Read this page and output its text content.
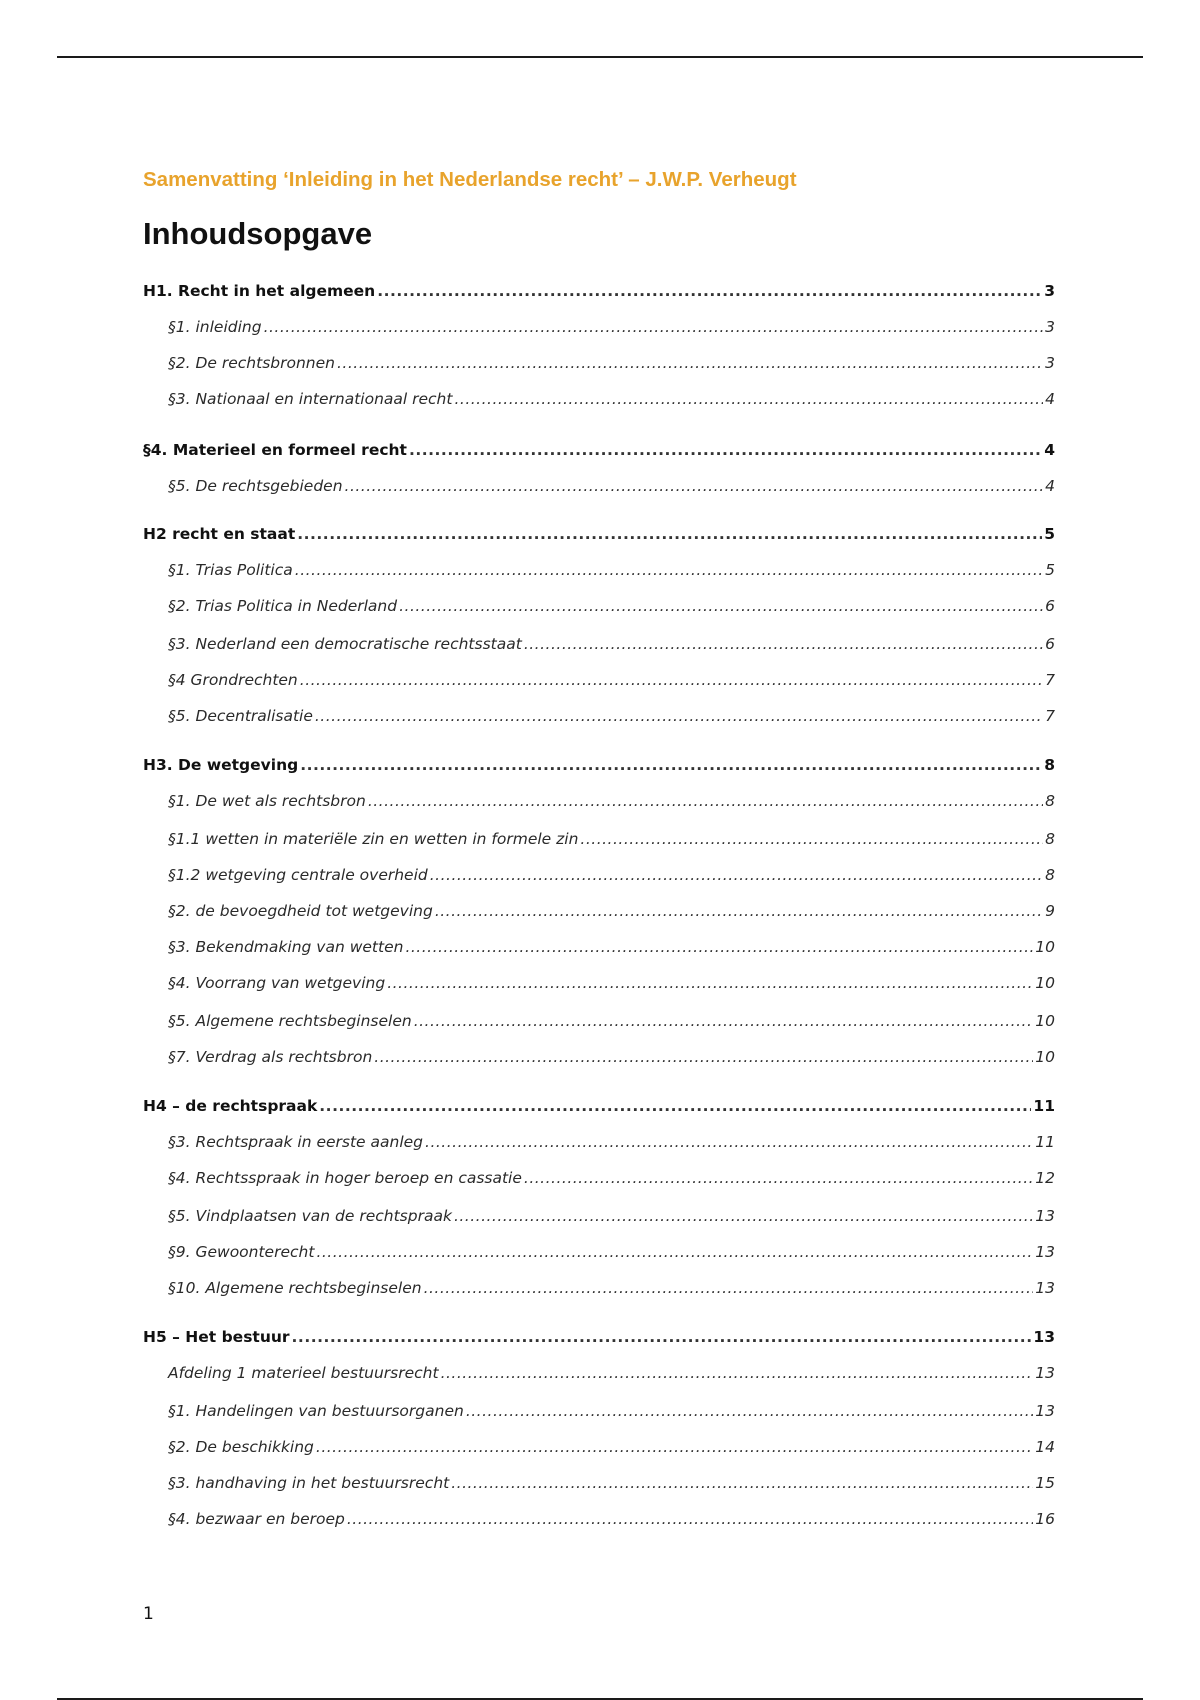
Samenvatting ‘Inleiding in het Nederlandse recht’ – J.W.P. Verheugt
Inhoudsopgave
H1. Recht in het algemeen .....	3
§1. inleiding .....	3
§2. De rechtsbronnen .....	3
§3. Nationaal en internationaal recht .....	4
§4. Materieel en formeel recht .....	4
§5. De rechtsgebieden .....	4
H2 recht en staat .....	5
§1. Trias Politica .....	5
§2. Trias Politica in Nederland .....	6
§3. Nederland een democratische rechtsstaat .....	6
§4 Grondrechten .....	7
§5. Decentralisatie .....	7
H3. De wetgeving .....	8
§1. De wet als rechtsbron .....	8
§1.1 wetten in materiële zin en wetten in formele zin .....	8
§1.2 wetgeving centrale overheid .....	8
§2. de bevoegdheid tot wetgeving .....	9
§3. Bekendmaking van wetten .....	10
§4. Voorrang van wetgeving .....	10
§5. Algemene rechtsbeginselen .....	10
§7. Verdrag als rechtsbron .....	10
H4 – de rechtspraak .....	11
§3. Rechtspraak in eerste aanleg .....	11
§4. Rechtsspraak in hoger beroep en cassatie .....	12
§5. Vindplaatsen van de rechtspraak .....	13
§9. Gewoonterecht .....	13
§10. Algemene rechtsbeginselen .....	13
H5 – Het bestuur .....	13
Afdeling 1 materieel bestuursrecht .....	13
§1. Handelingen van bestuursorganen .....	13
§2. De beschikking .....	14
§3. handhaving in het bestuursrecht .....	15
§4. bezwaar en beroep .....	16
1
